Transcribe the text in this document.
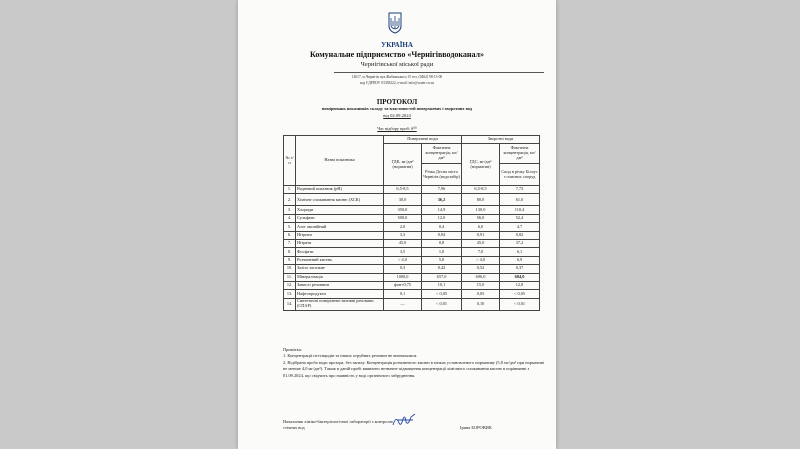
УКРАЇНА
Комунальне підприємство «Чернігівводоканал»
Чернігівської міської ради
14017, м.Чернігів, вул.Жабинського,15 тел. (0462) 98-13-00
код ЄДРПОУ 03358222, e-mail: info@water.cn.ua
ПРОТОКОЛ
вимірювань показників складу та властивостей поверхневих і зворотних вод
від 02.09.2024
Час відбору проб: 6⁰⁰
№ з/п	Назва показника	Поверхневі води		Зворотні води	
		ГДК, мг/дм³ (норматив)	Фактична концентрація, мг/дм³	ГДС, мг/дм³ (норматив)	Фактична концентрація, мг/дм³
			Річка Десна місто Чернігів (водозабір)		Скид в річку Білоус з очисних споруд
1.	Водневий показник (pH)	6,5-8,5	7,96	6,5-8,5	7,73
2.	Хімічне споживання кисню (ХСК)	30,0	36,2	80,0	61,0
3.	Хлориди	350,0	14,9	130,0	110,4
4.	Сульфати	500,0	12,0	56,0	52,4
5.	Азот амонійний	2,0	0,4	6,0	4,7
6.	Нітрити	3,3	0,04	0,91	0,82
7.	Нітрати	45,0	0,8	45,0	37,2
8.	Фосфати	3,5	1,0	7,0	6,1
9.	Розчинений кисень	> 4,0	5,8	> 4,0	6,9
10.	Залізо загальне	0,3	0,42	0,52	0,37
11.	Мінералізація	1000,0	657,0	696,0	684,0
12.	Завислі речовини	фон+0,75	10,1	15,0	12,8
13.	Нафтопродукти	0,1	< 0,05	0,05	< 0,05
14.	Синтетичні поверхнево-активні речовини (СПАР)	—	< 0,01	0,10	< 0,01

Примітка:

1. Концентрації пестицидів та інших отруйних речовин не визначалися.

2. Відібрана проба води прозора, без запаху. Концентрація розчиненого кисню в межах установленого нормативу (5,8 мг/дм³ при нормативі не менше 4,0 мг/дм³). Також в даній пробі виявлено незначне підвищення концентрації хімічного споживання кисню в порівнянні з 01.09.2024, що свідчить про наявність у воді органічного забруднення.

Начальник хіміко-бактеріологічної лабораторії з контролю стічних вод	Ірина БОРОВИК
